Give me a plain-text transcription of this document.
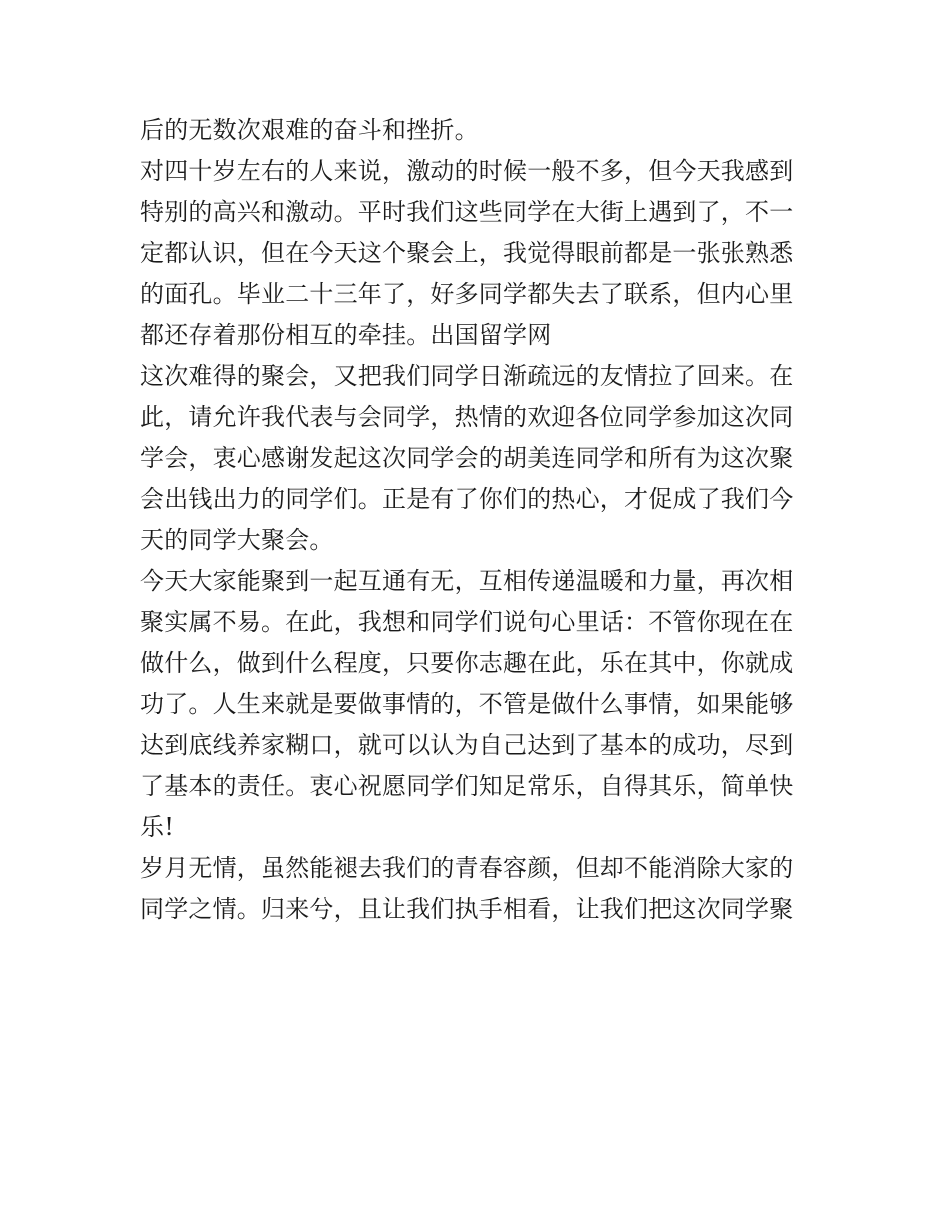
后的无数次艰难的奋斗和挫折。
对四十岁左右的人来说，激动的时候一般不多，但今天我感到
特别的高兴和激动。平时我们这些同学在大街上遇到了，不一
定都认识，但在今天这个聚会上，我觉得眼前都是一张张熟悉
的面孔。毕业二十三年了，好多同学都失去了联系，但内心里
都还存着那份相互的牵挂。出国留学网
这次难得的聚会，又把我们同学日渐疏远的友情拉了回来。在
此，请允许我代表与会同学，热情的欢迎各位同学参加这次同
学会，衷心感谢发起这次同学会的胡美连同学和所有为这次聚
会出钱出力的同学们。正是有了你们的热心，才促成了我们今
天的同学大聚会。
今天大家能聚到一起互通有无，互相传递温暖和力量，再次相
聚实属不易。在此，我想和同学们说句心里话：不管你现在在
做什么，做到什么程度，只要你志趣在此，乐在其中，你就成
功了。人生来就是要做事情的，不管是做什么事情，如果能够
达到底线养家糊口，就可以认为自己达到了基本的成功，尽到
了基本的责任。衷心祝愿同学们知足常乐，自得其乐，简单快
乐!
岁月无情，虽然能褪去我们的青春容颜，但却不能消除大家的
同学之情。归来兮，且让我们执手相看，让我们把这次同学聚
